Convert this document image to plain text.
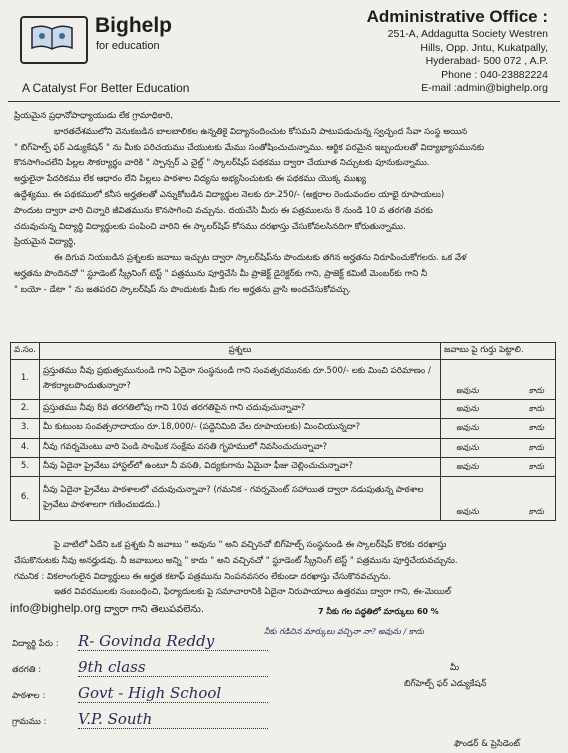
Bighelp
for education
A Catalyst For Better Education
Administrative Office :
251-A, Addagutta Society Westren
Hills, Opp. Jntu, Kukatpally,
Hyderabad- 500 072 , A.P.
Phone : 040-23882224
E-mail :admin@bighelp.org
ప్రియమైన ప్రధానోపాధ్యాయుడు లేక గ్రామాధికారి,
భారతదేశములోని వెనుకబడిన బాలబాలికల ఉన్నతికై విద్యానందించుట కోసమని పాటుపడుచున్న స్వచ్ఛంద సేవా సంస్థ అయిన
" బిగ్‌హెల్ప్ ఫర్ ఎడ్యుకేషన్ " ను మీకు పరిచయము చేయుటకు మేము సంతోషించుచున్నాము. ఆర్థిక పరమైన ఇబ్బందులతో విద్యాభ్యాసమునకు
కొనసాగించలేని పిల్లల సౌకర్యార్థం వారికి " స్పాన్సర్ ఎ చైల్డ్ " స్కాలర్‌షిప్ పథకము ద్వారా చేయూత నిచ్చుటకు పూనుకున్నాము.
అర్హులైనా పేదరికము లేక ఆధారం లేని పిల్లలు పాఠశాల విద్యను అభ్యసించుటకు ఈ పథకము యొక్క ముఖ్య
ఉద్దేశ్యము. ఈ పథకములో కనీస అర్హతలతో ఎన్నుకోబడిన విద్యార్థుల నెలకు రూ.250/- (అక్షరాల రెండువందల యాభై రూపాయలు)
పొందుట ద్వారా వారి చిన్నారి జీవితమును కొనసాగించి వచ్చును. దయచేసి మీరు ఈ పత్రములను 8 నుండి 10 వ తరగతి వరకు
చదువుచున్న విద్యార్థి విద్యార్థులకు పంపించి వారిని ఈ స్కాలర్‌షిప్ కోసము దరఖాస్తు చేసుకోవలసినదిగా కోరుతున్నాము.
ప్రియమైన విద్యార్థి,
ఈ దిగువ నియబడిన ప్రశ్నలకు జవాబు ఇచ్చుట ద్వారా స్కాలర్‌షిప్‌ను పొందుటకు తగిన అర్హతను నిరూపించుకోగలరు. ఒక వేళ
అర్హతను పొందినచో " స్టూడెంట్ స్క్రీనింగ్ టెస్ట్ " పత్రమును పూర్తిచేసి మీ ప్రాజెక్ట్ డైరెక్టర్‌కు గాని, ప్రాజెక్ట్ కమిటీ మెంబర్‌కు గాని నీ
" బయో - డేటా " ను జతపరచి స్కాలర్‌షిప్ ను పొందుటకు మీకు గల అర్హతను వ్రాసి అందచేసుకోవచ్చు.
వ.సం.	ప్రశ్నలు	జవాబు పై గుర్తు పెట్టాలి.
1.	ప్రస్తుతము నీవు ప్రభుత్వమునుండి గాని ఏదైనా సంస్థనుండి గాని సంవత్సరమునకు రూ.500/- లకు మించి పరిమాణం / సౌకర్యాలపొందుతున్నారా?	అవును కాదు

2.	ప్రస్తుతము నీవు 8వ తరగతిలోపు గాని 10వ తరగతిపైన గాని చదువుచున్నావా?	అవును కాదు

3.	మీ కుటుంబ సంవత్సరాదాయం రూ.18,000/- (పద్దెనిమిది వేల రూపాయలకు) మించియున్నదా?	అవును కాదు

4.	నీవు గవర్నమెంటు వారి పెండి సాంఘిక సంక్షేమ వసతి గృహములో నివసించుచున్నావా?	అవును కాదు

5.	నీవు ఏదైనా ప్రైవేటు హాస్టల్‌లో ఉంటూ నీ వసతి, విద్యకుగాను ఏమైనా ఫీజు చెల్లించుచున్నావా?	అవును కాదు

6.	నీవు ఏదైనా ప్రైవేటు పాఠశాలలో చదువుచున్నావా? (గమనిక - గవర్నమెంట్ సహాయిత ద్వారా నడుపుతున్న పాఠశాల ప్రైవేటు పాఠశాలగా గణించబడదు.)	అవును కాదు
పై వాటిలో ఏదేని ఒక ప్రశ్నకు నీ జవాబు " అవును " అని వచ్చినచో బిగ్‌హెల్ప్ సంస్థనుండి ఈ స్కాలర్‌షిప్ కొరకు దరఖాస్తు
చేసుకొనుటకు నీవు అనర్హుడవు. నీ జవాబులు అన్ని " కాదు " అని వచ్చినచో " స్టూడెంట్ స్క్రీనింగ్ టెస్ట్ " పత్రమును పూర్తిచేయవచ్చును.
గమనిక : వికలాంగులైన విద్యార్థులు ఈ అర్హత కటాఫ్ పత్రమును నింపనవసరం లేకుండా దరఖాస్తు చేసుకొనవచ్చును.
ఇతర వివరములకు సంబంధించి, ఫిర్యాదులకు పై సమాచారానికి ఏదైనా నిరుపాయాలు ఉత్తరము ద్వారా గాని, ఈ-మెయిల్
info@bighelp.org ద్వారా గాని తెలుపవలెను.	7 నీకు గల పద్ధతిలో మార్కులు 60 %
నీకు గడిచిన మార్కులు వచ్చినా నా? అవును / కాదు
విద్యార్థి పేరు : R- Govinda Reddy
తరగతి : 9th class
పాఠశాల : Govt - High School
గ్రామము : V.P. South
మీ
బిగ్‌హెల్ప్ ఫర్ ఎడ్యుకేషన్
ఫౌండర్ & ప్రెసిడెంట్
